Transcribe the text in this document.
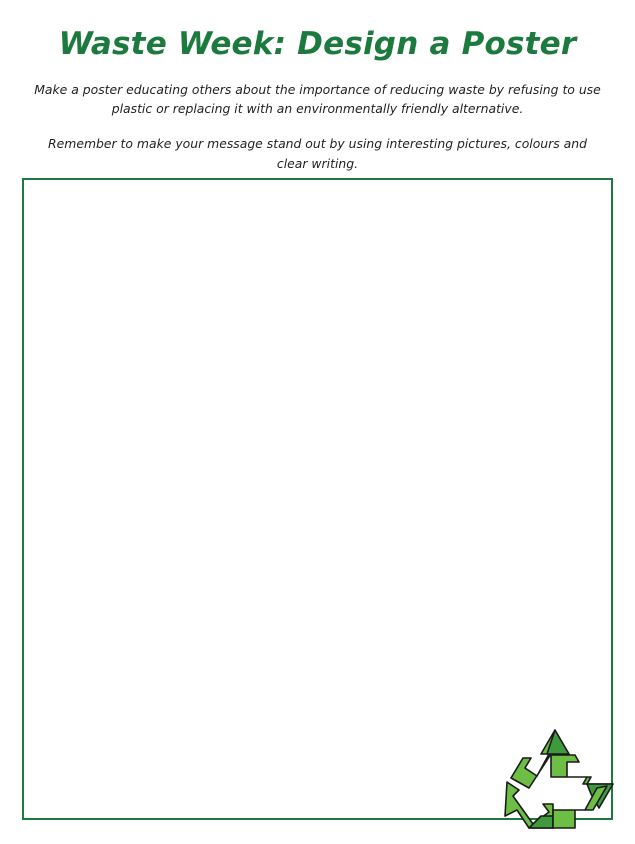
Waste Week: Design a Poster

Make a poster educating others about the importance of reducing waste by refusing to use plastic or replacing it with an environmentally friendly alternative.

Remember to make your message stand out by using interesting pictures, colours and clear writing.
